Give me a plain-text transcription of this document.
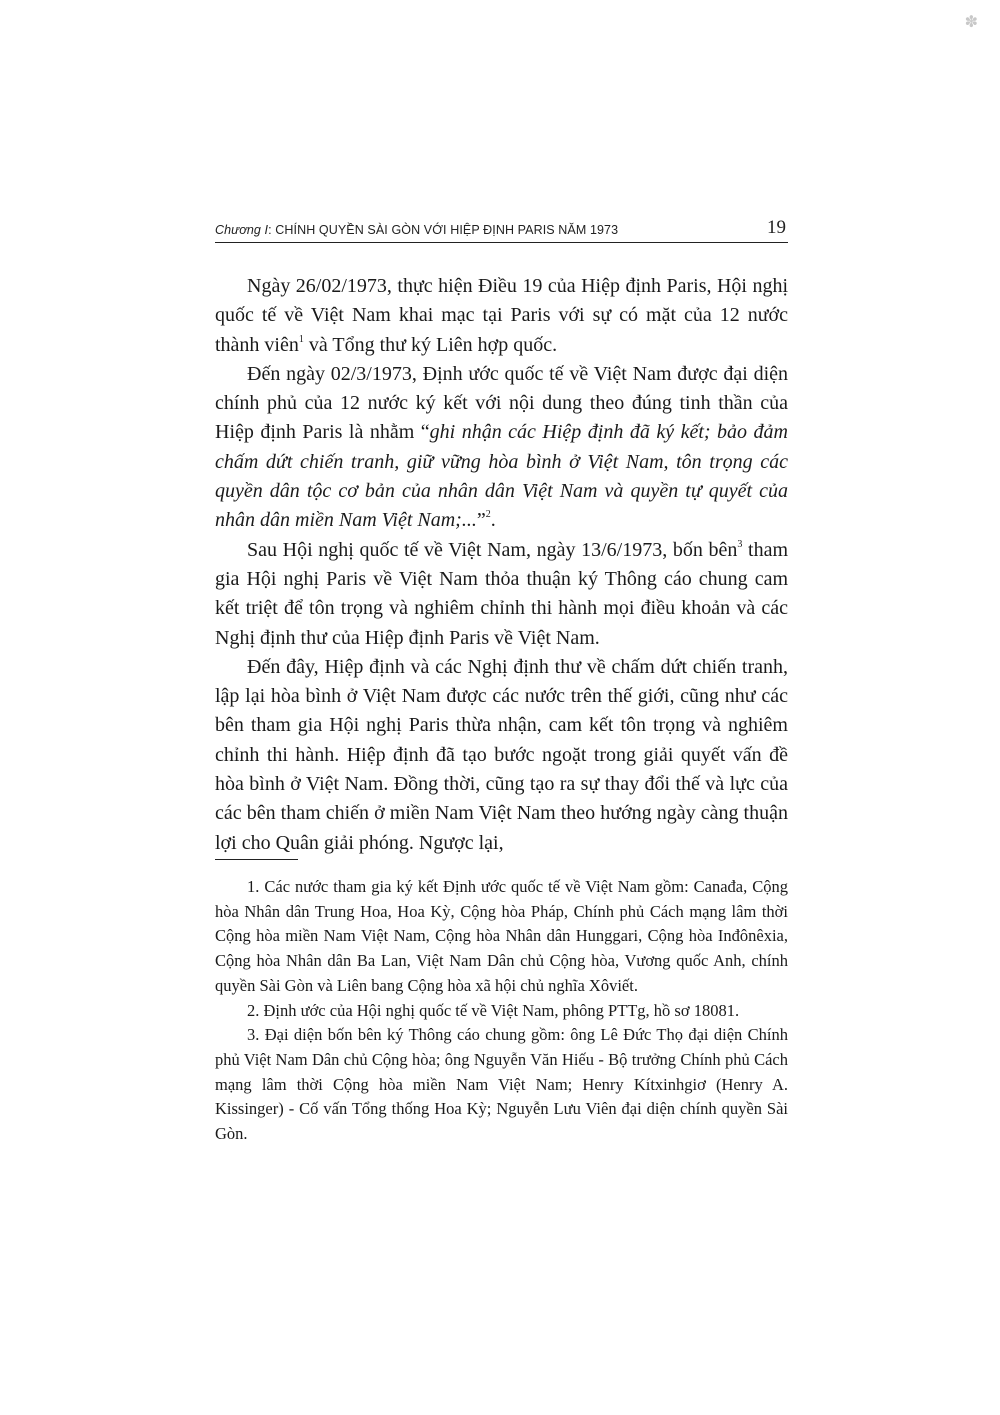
✽
Chương I: CHÍNH QUYỀN SÀI GÒN VỚI HIỆP ĐỊNH PARIS NĂM 1973	19

Ngày 26/02/1973, thực hiện Điều 19 của Hiệp định Paris, Hội nghị quốc tế về Việt Nam khai mạc tại Paris với sự có mặt của 12 nước thành viên$^1$ và Tổng thư ký Liên hợp quốc.

Đến ngày 02/3/1973, Định ước quốc tế về Việt Nam được đại diện chính phủ của 12 nước ký kết với nội dung theo đúng tinh thần của Hiệp định Paris là nhằm “ghi nhận các Hiệp định đã ký kết; bảo đảm chấm dứt chiến tranh, giữ vững hòa bình ở Việt Nam, tôn trọng các quyền dân tộc cơ bản của nhân dân Việt Nam và quyền tự quyết của nhân dân miền Nam Việt Nam;...”$^2$.

Sau Hội nghị quốc tế về Việt Nam, ngày 13/6/1973, bốn bên$^3$ tham gia Hội nghị Paris về Việt Nam thỏa thuận ký Thông cáo chung cam kết triệt để tôn trọng và nghiêm chỉnh thi hành mọi điều khoản và các Nghị định thư của Hiệp định Paris về Việt Nam.

Đến đây, Hiệp định và các Nghị định thư về chấm dứt chiến tranh, lập lại hòa bình ở Việt Nam được các nước trên thế giới, cũng như các bên tham gia Hội nghị Paris thừa nhận, cam kết tôn trọng và nghiêm chỉnh thi hành. Hiệp định đã tạo bước ngoặt trong giải quyết vấn đề hòa bình ở Việt Nam. Đồng thời, cũng tạo ra sự thay đổi thế và lực của các bên tham chiến ở miền Nam Việt Nam theo hướng ngày càng thuận lợi cho Quân giải phóng. Ngược lại,

1. Các nước tham gia ký kết Định ước quốc tế về Việt Nam gồm: Canađa, Cộng hòa Nhân dân Trung Hoa, Hoa Kỳ, Cộng hòa Pháp, Chính phủ Cách mạng lâm thời Cộng hòa miền Nam Việt Nam, Cộng hòa Nhân dân Hunggari, Cộng hòa Inđônêxia, Cộng hòa Nhân dân Ba Lan, Việt Nam Dân chủ Cộng hòa, Vương quốc Anh, chính quyền Sài Gòn và Liên bang Cộng hòa xã hội chủ nghĩa Xôviết.

2. Định ước của Hội nghị quốc tế về Việt Nam, phông PTTg, hồ sơ 18081.

3. Đại diện bốn bên ký Thông cáo chung gồm: ông Lê Đức Thọ đại diện Chính phủ Việt Nam Dân chủ Cộng hòa; ông Nguyễn Văn Hiếu - Bộ trưởng Chính phủ Cách mạng lâm thời Cộng hòa miền Nam Việt Nam; Henry Kítxinhgiơ (Henry A. Kissinger) - Cố vấn Tổng thống Hoa Kỳ; Nguyễn Lưu Viên đại diện chính quyền Sài Gòn.
